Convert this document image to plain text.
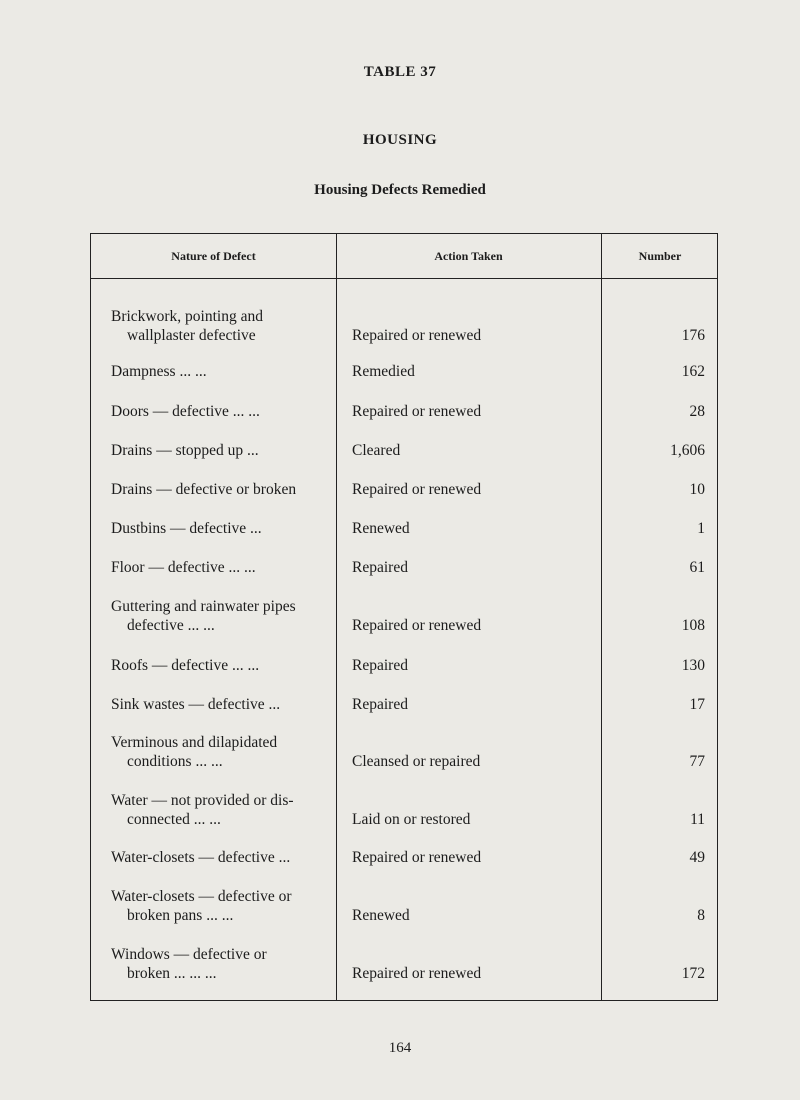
TABLE 37
HOUSING
Housing Defects Remedied
Nature of Defect	Action Taken	Number
Brickwork, pointing and
wallplaster defective	Repaired or renewed	176
Dampness ... ...	Remedied	162
Doors — defective ... ...	Repaired or renewed	28
Drains — stopped up ...	Cleared	1,606
Drains — defective or broken	Repaired or renewed	10
Dustbins — defective ...	Renewed	1
Floor — defective ... ...	Repaired	61
Guttering and rainwater pipes
defective ... ...	Repaired or renewed	108
Roofs — defective ... ...	Repaired	130
Sink wastes — defective ...	Repaired	17
Verminous and dilapidated
conditions ... ...	Cleansed or repaired	77
Water — not provided or dis-
connected ... ...	Laid on or restored	11
Water-closets — defective ...	Repaired or renewed	49
Water-closets — defective or
broken pans ... ...	Renewed	8
Windows — defective or
broken ... ... ...	Repaired or renewed	172
164
